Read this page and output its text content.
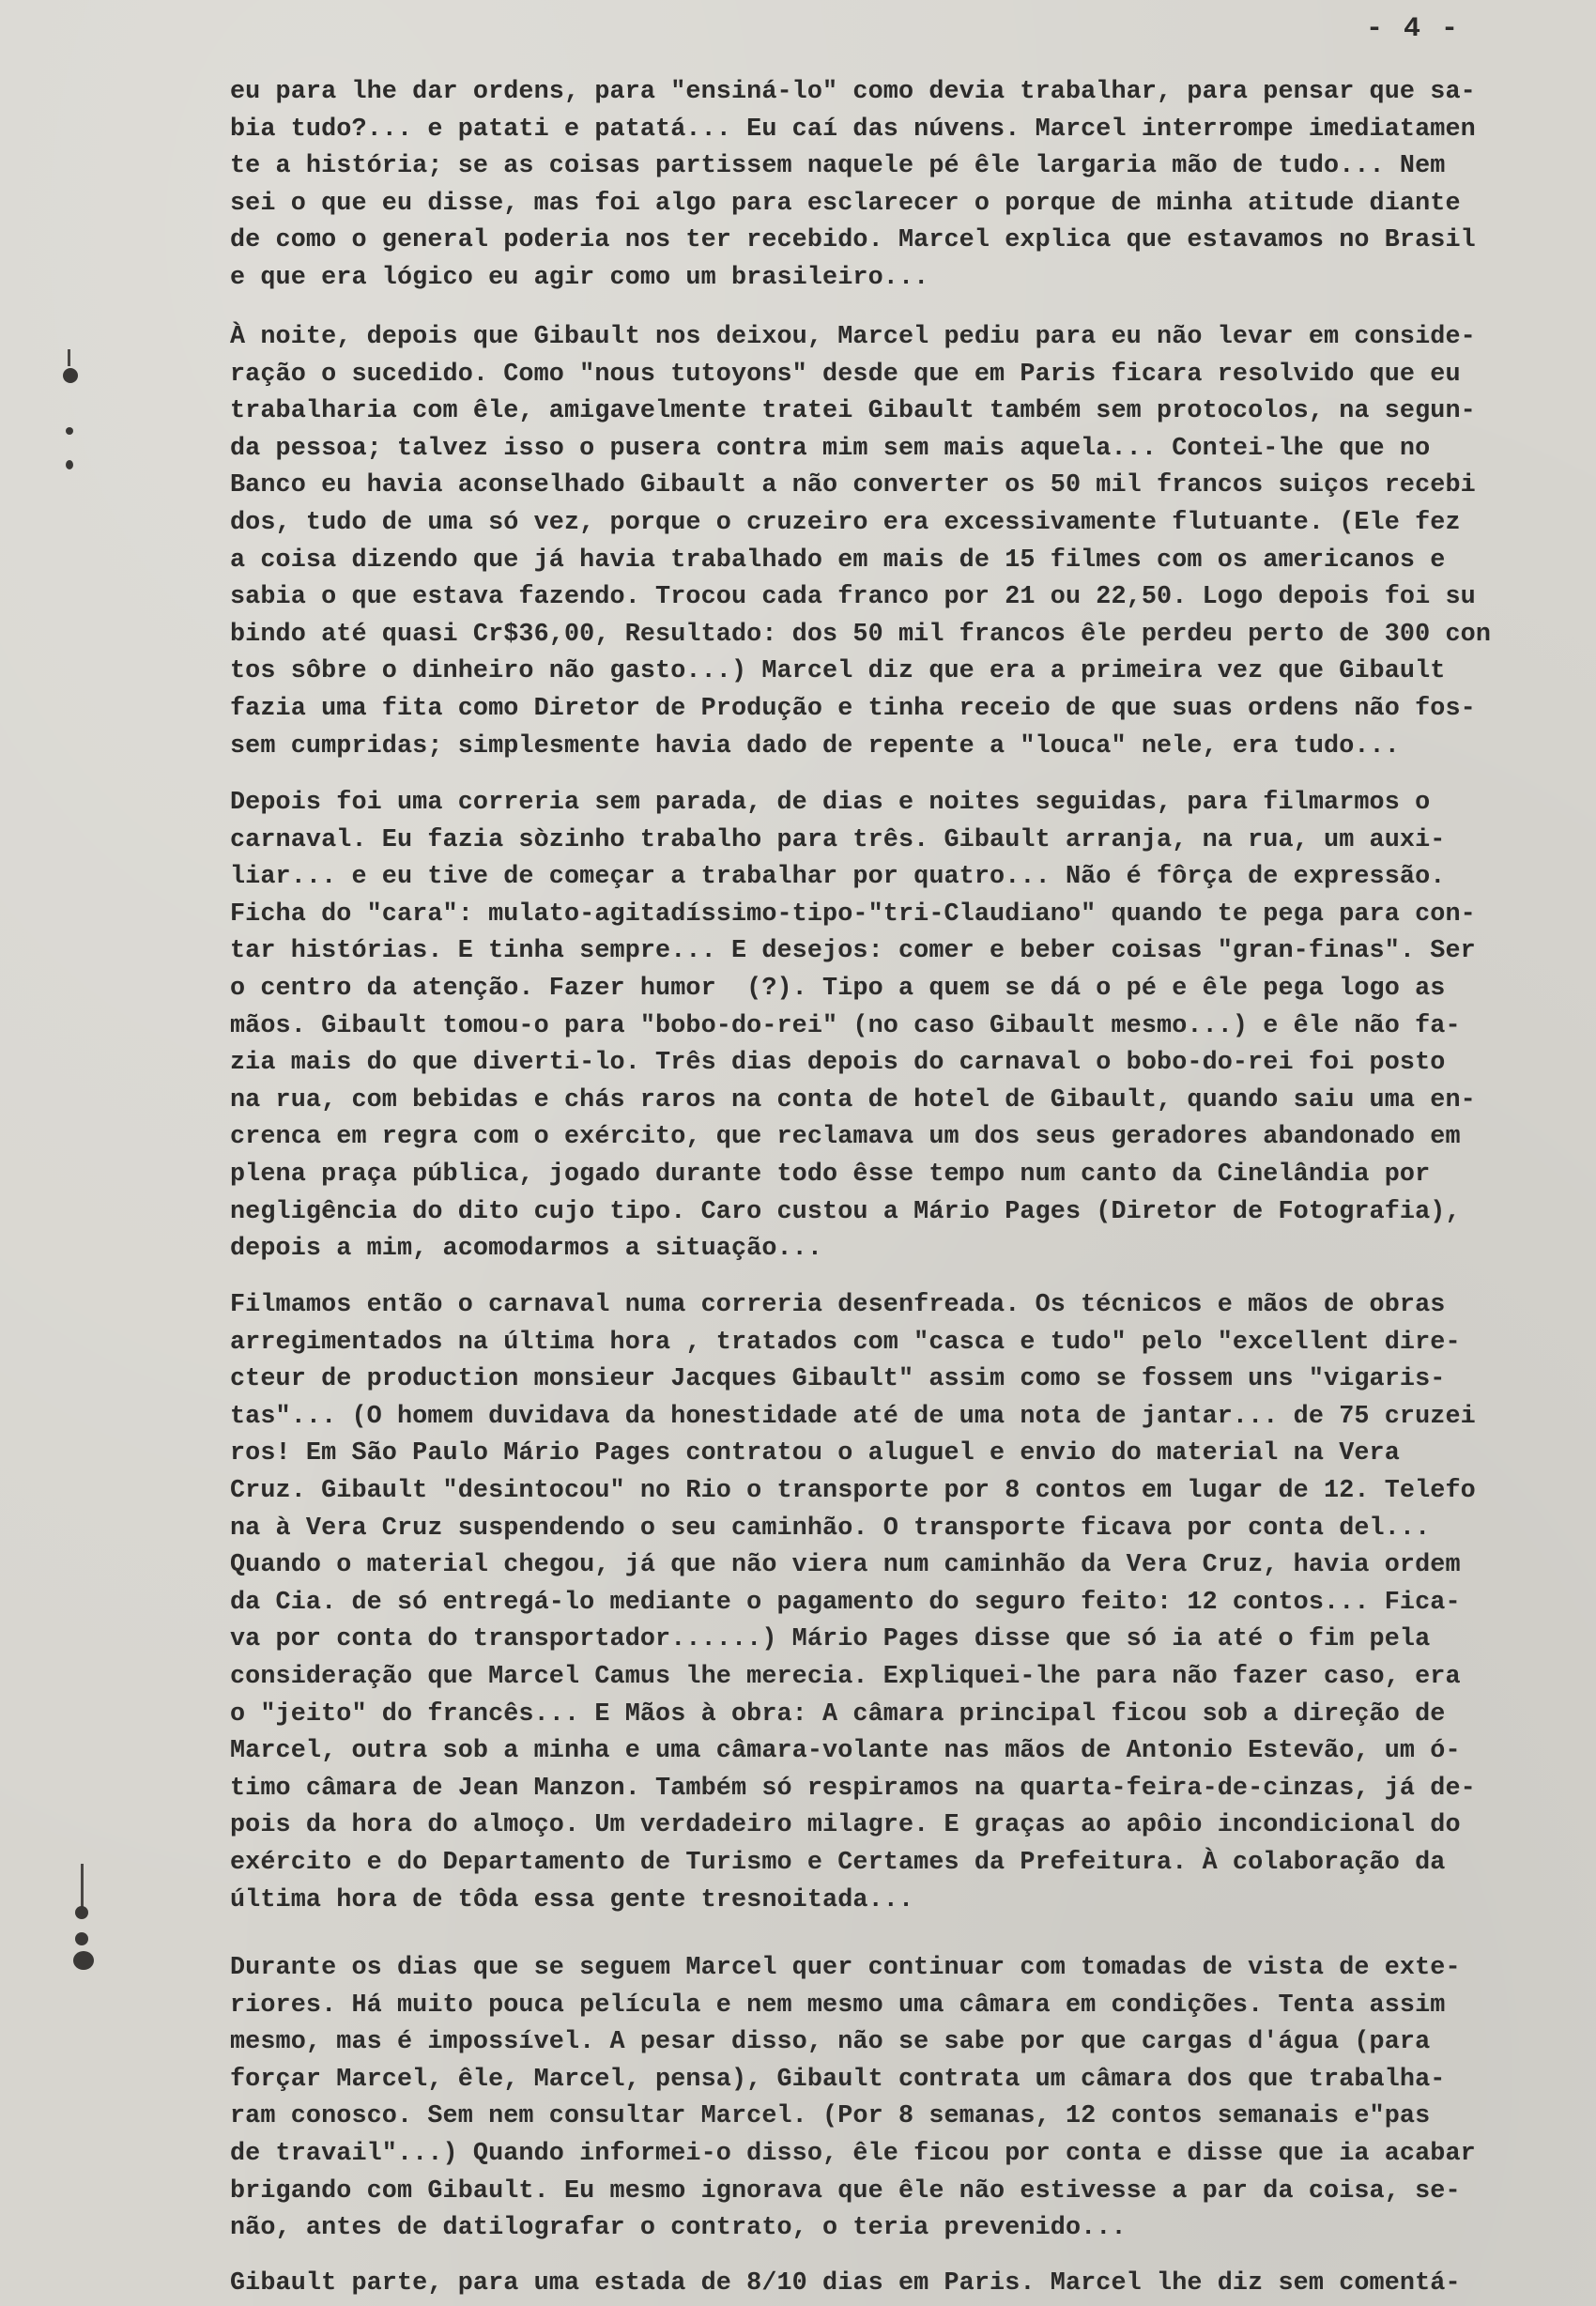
- 4 -
eu para lhe dar ordens, para "ensiná-lo" como devia trabalhar, para pensar que sa-
bia tudo?... e patati e patatá... Eu caí das núvens. Marcel interrompe imediatamen
te a história; se as coisas partissem naquele pé êle largaria mão de tudo... Nem
sei o que eu disse, mas foi algo para esclarecer o porque de minha atitude diante
de como o general poderia nos ter recebido. Marcel explica que estavamos no Brasil
e que era lógico eu agir como um brasileiro...
À noite, depois que Gibault nos deixou, Marcel pediu para eu não levar em conside-
ração o sucedido. Como "nous tutoyons" desde que em Paris ficara resolvido que eu
trabalharia com êle, amigavelmente tratei Gibault também sem protocolos, na segun-
da pessoa; talvez isso o pusera contra mim sem mais aquela... Contei-lhe que no
Banco eu havia aconselhado Gibault a não converter os 50 mil francos suiços recebi
dos, tudo de uma só vez, porque o cruzeiro era excessivamente flutuante. (Ele fez
a coisa dizendo que já havia trabalhado em mais de 15 filmes com os americanos e
sabia o que estava fazendo. Trocou cada franco por 21 ou 22,50. Logo depois foi su
bindo até quasi Cr$36,00, Resultado: dos 50 mil francos êle perdeu perto de 300 con
tos sôbre o dinheiro não gasto...) Marcel diz que era a primeira vez que Gibault
fazia uma fita como Diretor de Produção e tinha receio de que suas ordens não fos-
sem cumpridas; simplesmente havia dado de repente a "louca" nele, era tudo...
Depois foi uma correria sem parada, de dias e noites seguidas, para filmarmos o
carnaval. Eu fazia sòzinho trabalho para três. Gibault arranja, na rua, um auxi-
liar... e eu tive de começar a trabalhar por quatro... Não é fôrça de expressão.
Ficha do "cara": mulato-agitadíssimo-tipo-"tri-Claudiano" quando te pega para con-
tar histórias. E tinha sempre... E desejos: comer e beber coisas "gran-finas". Ser
o centro da atenção. Fazer humor  (?). Tipo a quem se dá o pé e êle pega logo as
mãos. Gibault tomou-o para "bobo-do-rei" (no caso Gibault mesmo...) e êle não fa-
zia mais do que diverti-lo. Três dias depois do carnaval o bobo-do-rei foi posto
na rua, com bebidas e chás raros na conta de hotel de Gibault, quando saiu uma en-
crenca em regra com o exército, que reclamava um dos seus geradores abandonado em
plena praça pública, jogado durante todo êsse tempo num canto da Cinelândia por
negligência do dito cujo tipo. Caro custou a Mário Pages (Diretor de Fotografia),
depois a mim, acomodarmos a situação...
Filmamos então o carnaval numa correria desenfreada. Os técnicos e mãos de obras
arregimentados na última hora , tratados com "casca e tudo" pelo "excellent dire-
cteur de production monsieur Jacques Gibault" assim como se fossem uns "vigaris-
tas"... (O homem duvidava da honestidade até de uma nota de jantar... de 75 cruzei
ros! Em São Paulo Mário Pages contratou o aluguel e envio do material na Vera
Cruz. Gibault "desintocou" no Rio o transporte por 8 contos em lugar de 12. Telefo
na à Vera Cruz suspendendo o seu caminhão. O transporte ficava por conta del...
Quando o material chegou, já que não viera num caminhão da Vera Cruz, havia ordem
da Cia. de só entregá-lo mediante o pagamento do seguro feito: 12 contos... Fica-
va por conta do transportador......) Mário Pages disse que só ia até o fim pela
consideração que Marcel Camus lhe merecia. Expliquei-lhe para não fazer caso, era
o "jeito" do francês... E Mãos à obra: A câmara principal ficou sob a direção de
Marcel, outra sob a minha e uma câmara-volante nas mãos de Antonio Estevão, um ó-
timo câmara de Jean Manzon. Também só respiramos na quarta-feira-de-cinzas, já de-
pois da hora do almoço. Um verdadeiro milagre. E graças ao apôio incondicional do
exército e do Departamento de Turismo e Certames da Prefeitura. À colaboração da
última hora de tôda essa gente tresnoitada...
Durante os dias que se seguem Marcel quer continuar com tomadas de vista de exte-
riores. Há muito pouca película e nem mesmo uma câmara em condições. Tenta assim
mesmo, mas é impossível. A pesar disso, não se sabe por que cargas d'água (para
forçar Marcel, êle, Marcel, pensa), Gibault contrata um câmara dos que trabalha-
ram conosco. Sem nem consultar Marcel. (Por 8 semanas, 12 contos semanais e"pas
de travail"...) Quando informei-o disso, êle ficou por conta e disse que ia acabar
brigando com Gibault. Eu mesmo ignorava que êle não estivesse a par da coisa, se-
não, antes de datilografar o contrato, o teria prevenido...
Gibault parte, para uma estada de 8/10 dias em Paris. Marcel lhe diz sem comentá-
